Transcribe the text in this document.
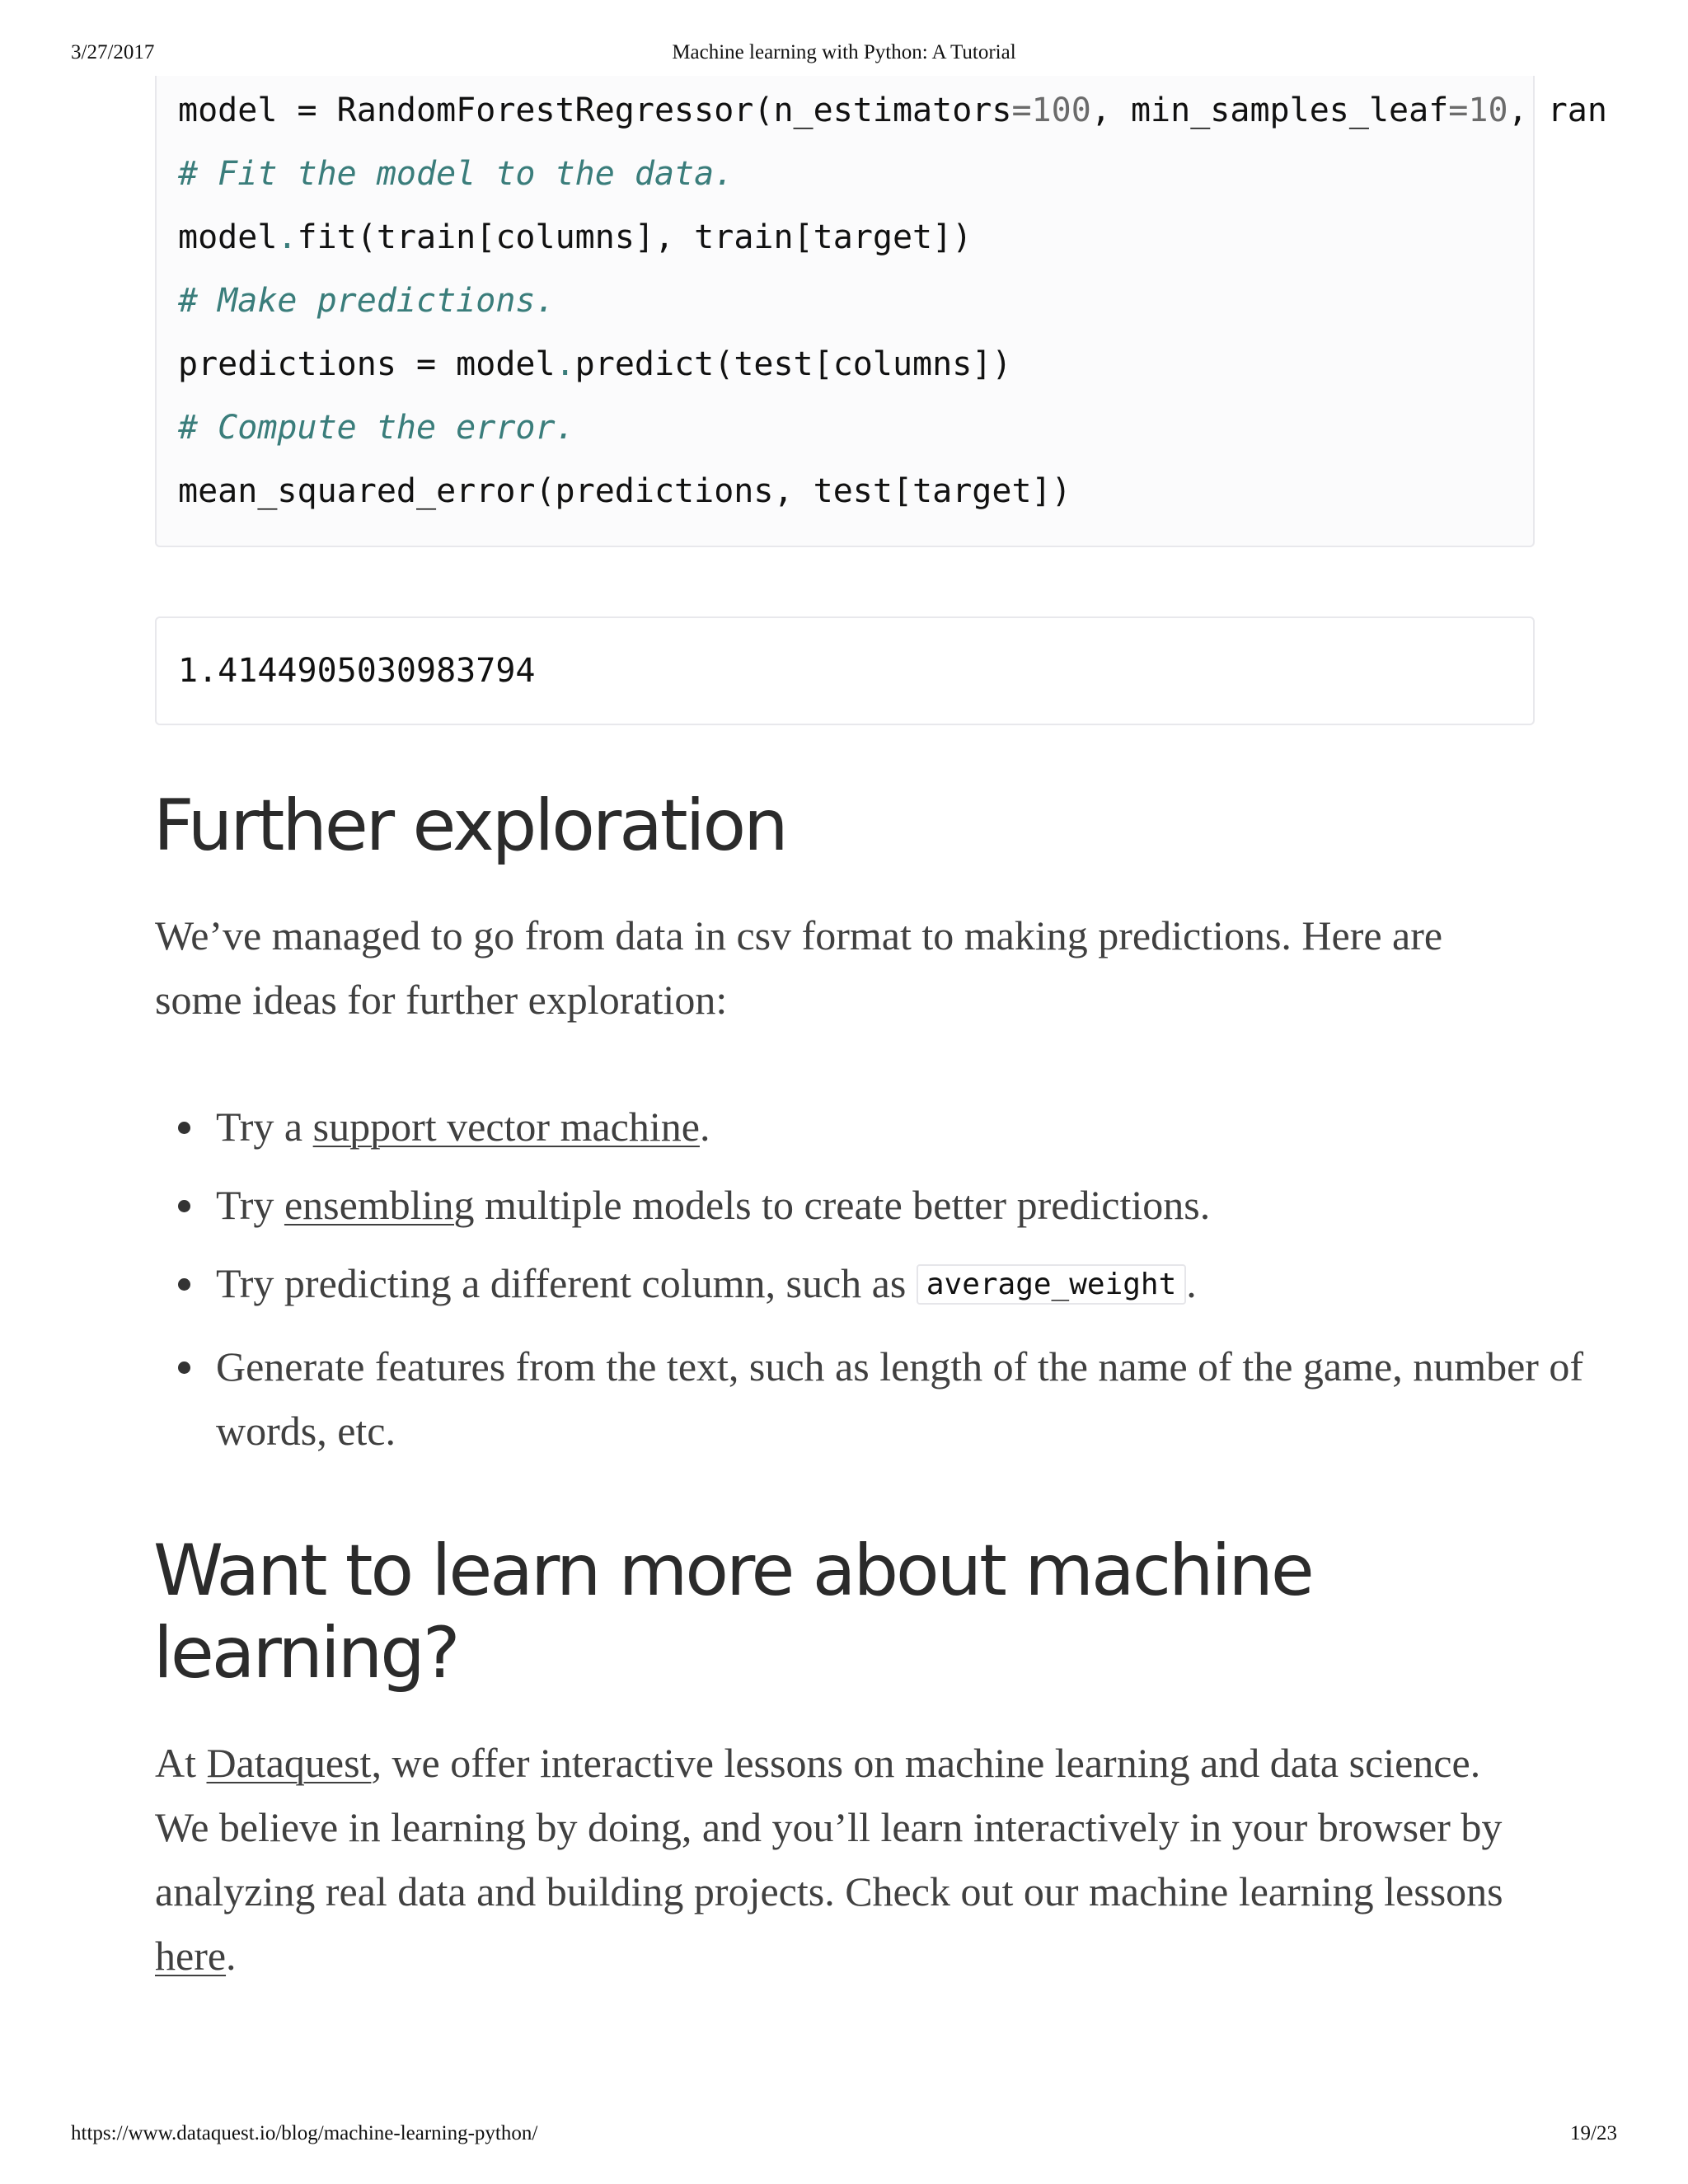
3/27/2017	Machine learning with Python: A Tutorial
model = RandomForestRegressor(n_estimators=100, min_samples_leaf=10, ran
# Fit the model to the data.
model.fit(train[columns], train[target])
# Make predictions.
predictions = model.predict(test[columns])
# Compute the error.
mean_squared_error(predictions, test[target])
1.4144905030983794
Further exploration

We’ve managed to go from data in csv format to making predictions. Here are some ideas for further exploration:

Try a support vector machine.
Try ensembling multiple models to create better predictions.
Try predicting a different column, such as average_weight .
Generate features from the text, such as length of the name of the game, number of words, etc.
Want to learn more about machine learning?

At Dataquest, we offer interactive lessons on machine learning and data science. We believe in learning by doing, and you’ll learn interactively in your browser by analyzing real data and building projects. Check out our machine learning lessons here.

https://www.dataquest.io/blog/machine-learning-python/	19/23
